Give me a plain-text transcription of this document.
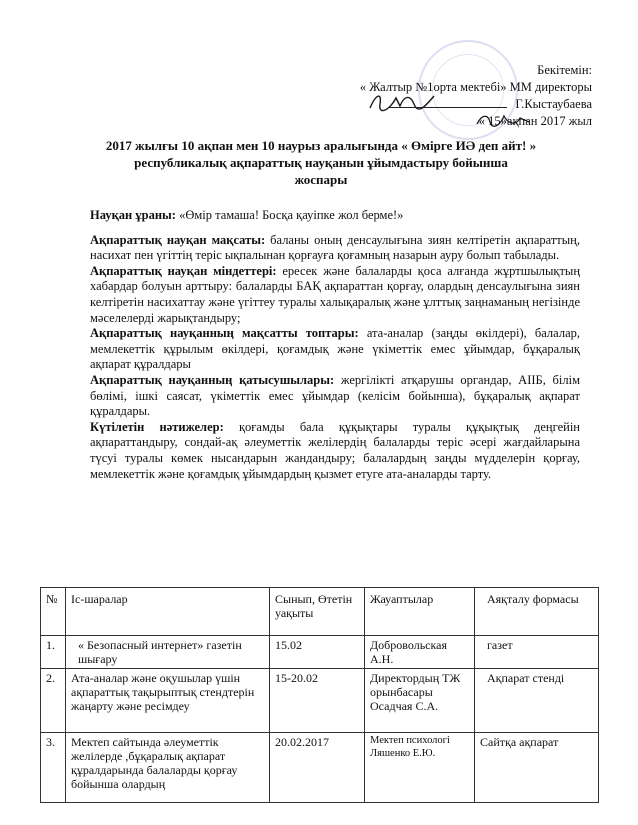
Бекітемін:
« Жалтыр №1орта мектебі» ММ директоры
Г.Кыстаубаева
« 15»ақпан 2017 жыл
2017 жылғы 10 ақпан мен 10 наурыз аралығында « Өмірге ИӘ деп айт! »
республикалық ақпараттық науқанын ұйымдастыру бойынша
жоспары

Науқан ұраны: «Өмір тамаша! Босқа қауіпке жол берме!»

Ақпараттық науқан мақсаты: баланы оның денсаулығына зиян келтіретін ақпараттың, насихат пен үгіттің теріс ықпалынан қорғауға қоғамның назарын ауру болып табылады.

Ақпараттық науқан міндеттері: ересек және балаларды қоса алғанда жұртшылықтың хабардар болуын арттыру: балаларды БАҚ ақпараттан қорғау, олардың денсаулығына зиян келтіретін насихаттау және үгіттеу туралы халықаралық және ұлттық заңнаманың негізінде мәселелерді жарықтандыру;

Ақпараттық науқанның мақсатты топтары: ата-аналар (заңды өкілдері), балалар, мемлекеттік құрылым өкілдері, қоғамдық және үкіметтік емес ұйымдар, бұқаралық ақпарат құралдары

Ақпараттық науқанның қатысушылары: жергілікті атқарушы органдар, АІІБ, білім бөлімі, ішкі саясат, үкіметтік емес ұйымдар (келісім бойынша), бұқаралық ақпарат құралдары.

Күтілетін нәтижелер: қоғамды бала құқықтары туралы құқықтық деңгейін ақпараттандыру, сондай-ақ әлеуметтік желілердің балаларды теріс әсері жағдайларына түсуі туралы көмек нысандарын жандандыру; балалардың заңды мүдделерін қорғау, мемлекеттік және қоғамдық ұйымдардың қызмет етуге ата-аналарды тарту.

№	Іс-шаралар	Сынып, Өтетін уақыты	Жауаптылар	Аяқталу формасы
1.	« Безопасный интернет» газетін шығару	15.02	Добровольская А.Н.	газет
2.	Ата-аналар және оқушылар үшін ақпараттық тақырыптық стендтерін жаңарту және ресімдеу	15-20.02	Директордың ТЖ орынбасары Осадчая С.А.	Ақпарат стенді
3.	Мектеп сайтында әлеуметтік желілерде ,бұқаралық ақпарат құралдарында балаларды қорғау бойынша олардың	20.02.2017	Мектеп психологі Ляшенко Е.Ю.	Сайтқа ақпарат
